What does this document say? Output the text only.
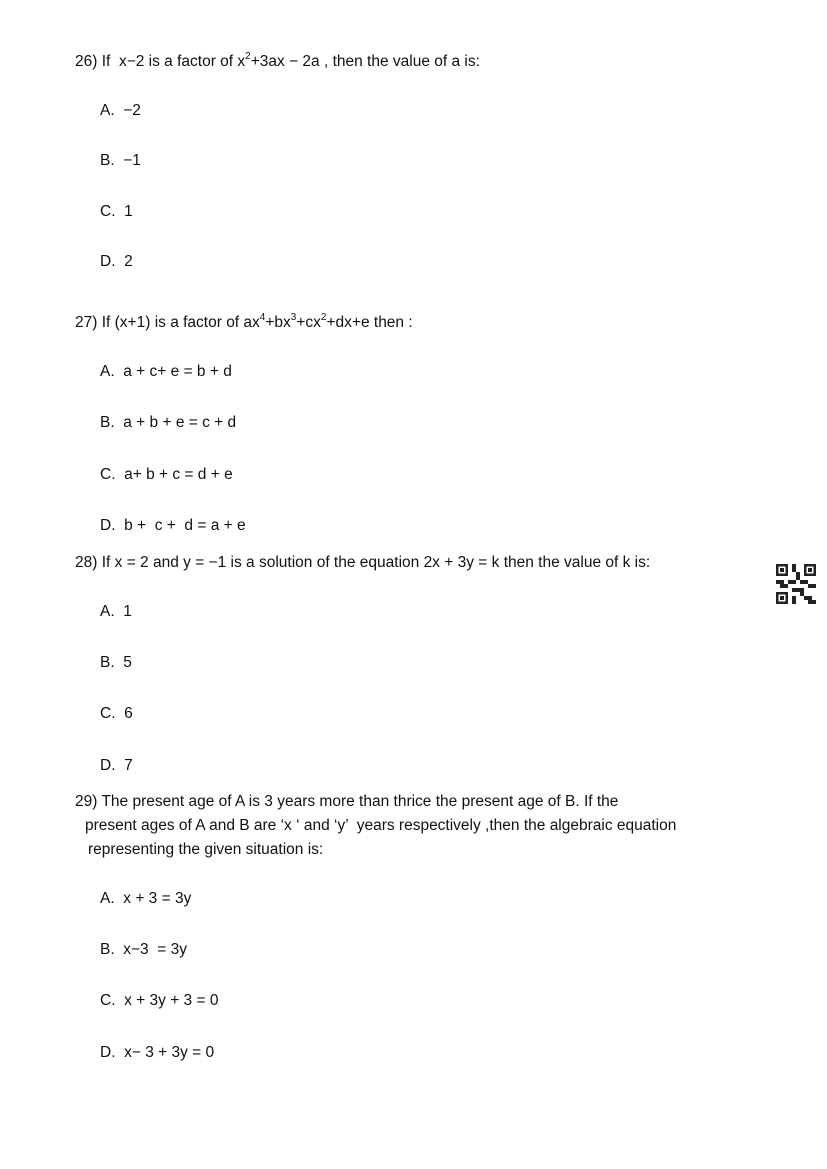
26) If  x−2 is a factor of $x^2+3ax - 2a$ , then the value of a is:
A.  −2
B.  −1
C.  1
D.  2
27) If (x+1) is a factor of $ax^4+bx^3+cx^2+dx+e$ then :
A.  a + c+ e = b + d
B.  a + b + e = c + d
C.  a+ b + c = d + e
D.  b +  c +  d = a + e
28) If x = 2 and y = −1 is a solution of the equation 2x + 3y = k then the value of k is:
A.  1
B.  5
C.  6
D.  7
29) The present age of A is 3 years more than thrice the present age of B. If the
present ages of A and B are ‘x ‘ and ‘y’  years respectively ,then the algebraic equation
representing the given situation is:
A.  x + 3 = 3y
B.  x−3  = 3y
C.  x + 3y + 3 = 0
D.  x− 3 + 3y = 0
